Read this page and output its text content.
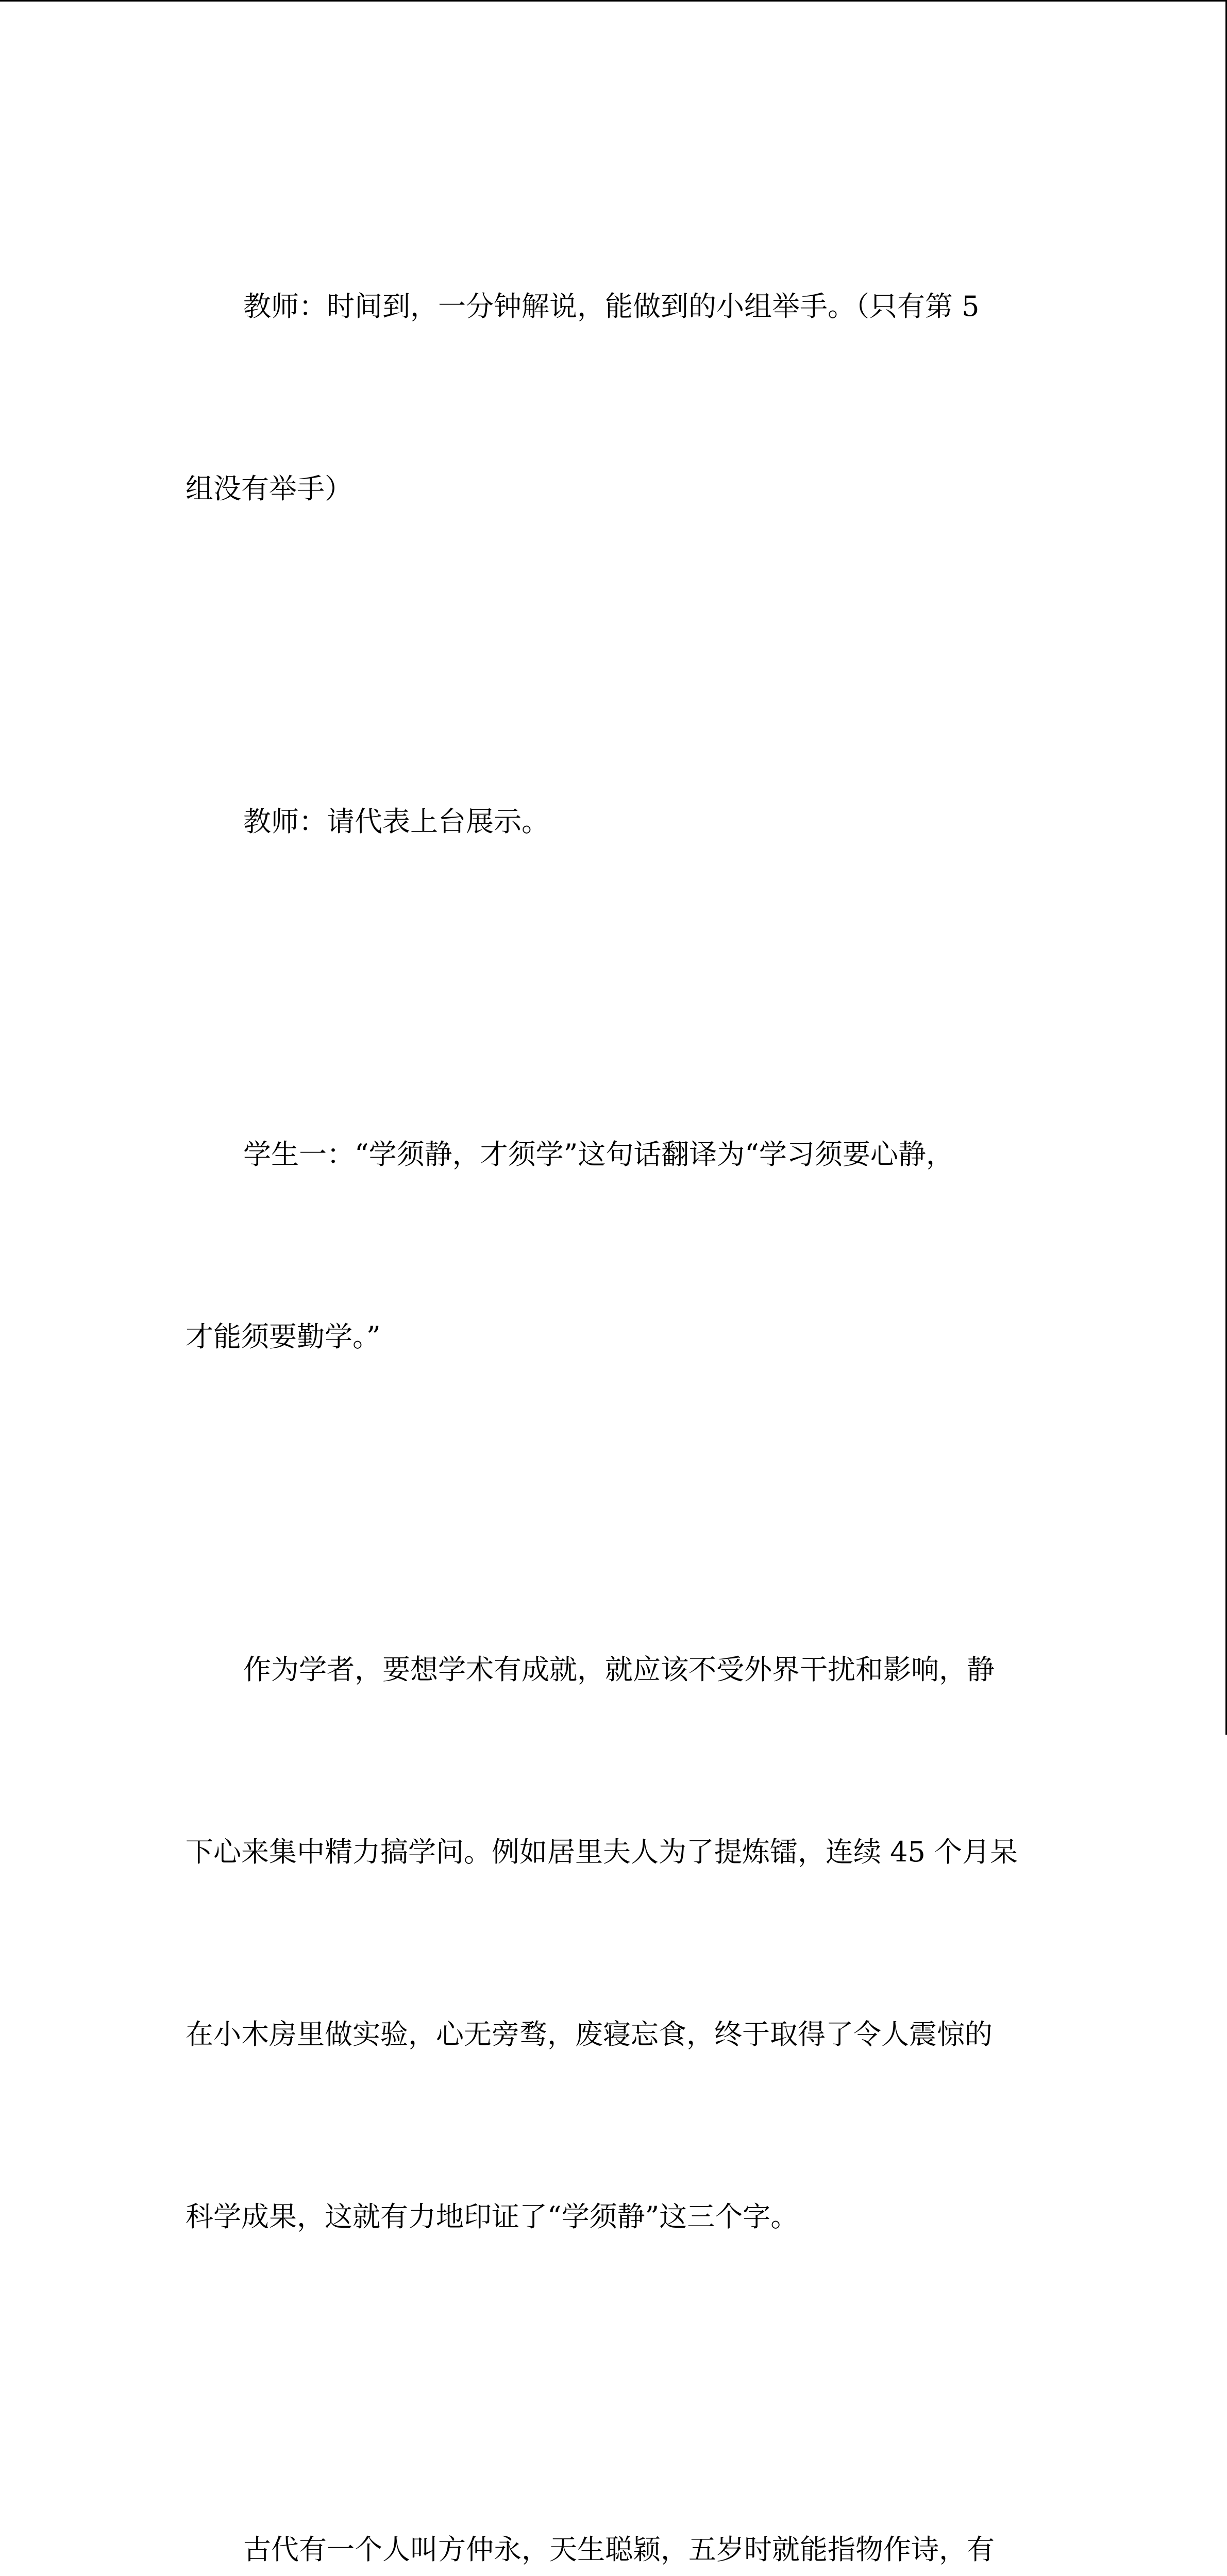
教师：时间到，一分钟解说，能做到的小组举手。（只有第 5

组没有举手）

教师：请代表上台展示。

学生一：“学须静，才须学”这句话翻译为“学习须要心静，

才能须要勤学。”

作为学者，要想学术有成就，就应该不受外界干扰和影响，静

下心来集中精力搞学问。例如居里夫人为了提炼镭，连续 45 个月呆

在小木房里做实验，心无旁骛，废寝忘食，终于取得了令人震惊的

科学成果，这就有力地印证了“学须静”这三个字。

古代有一个人叫方仲永，天生聪颖，五岁时就能指物作诗，有
